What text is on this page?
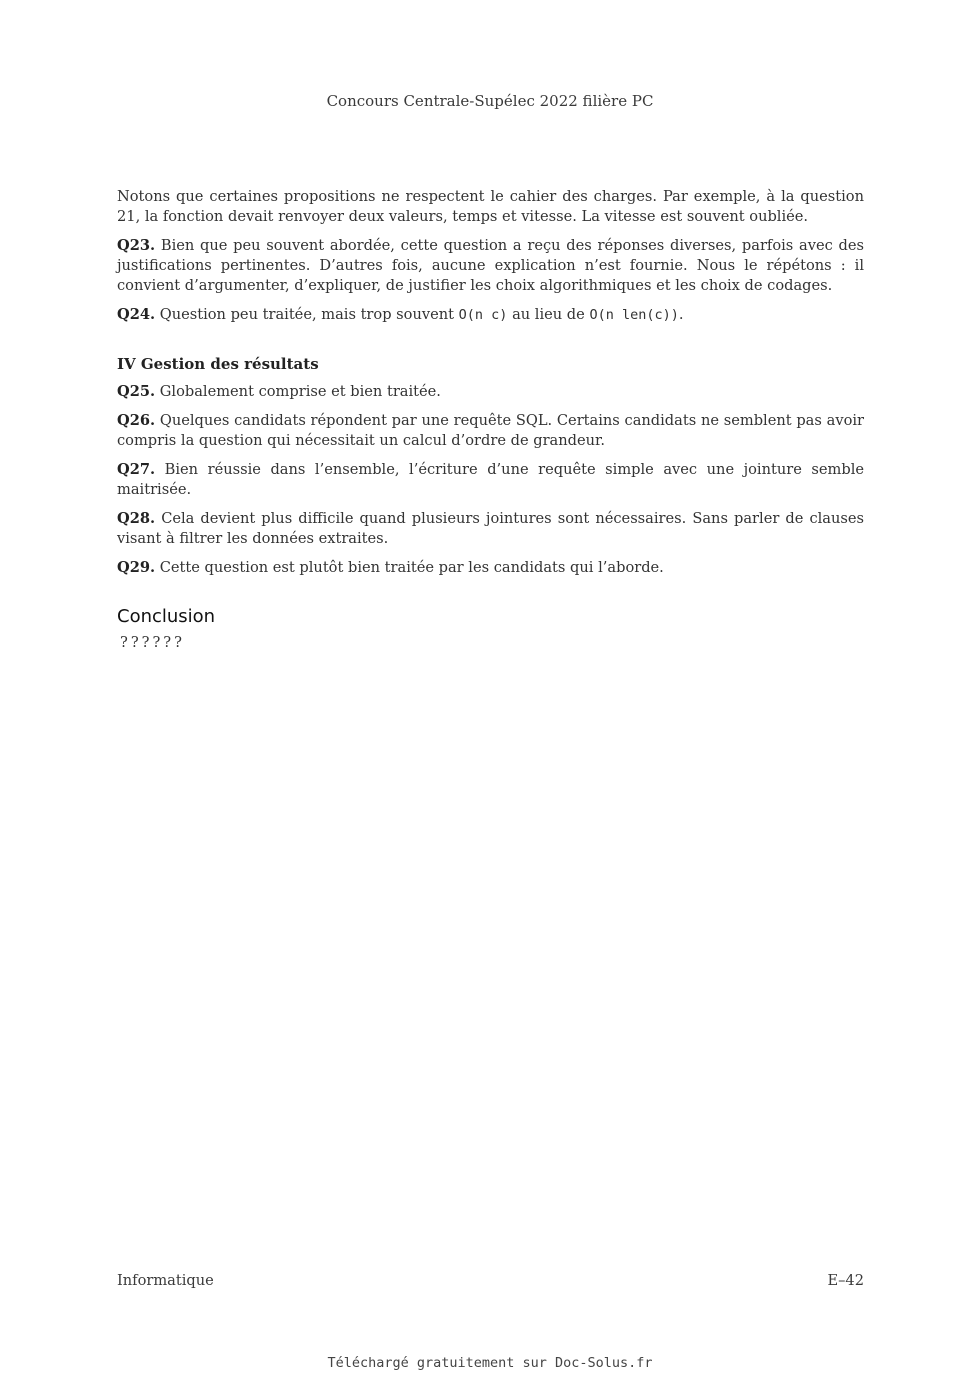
Concours Centrale-Supélec 2022 filière PC

Notons que certaines propositions ne respectent le cahier des charges. Par exemple, à la question 21, la fonction devait renvoyer deux valeurs, temps et vitesse. La vitesse est souvent oubliée.

Q23. Bien que peu souvent abordée, cette question a reçu des réponses diverses, parfois avec des justifications pertinentes. D’autres fois, aucune explication n’est fournie. Nous le répétons : il convient d’argumenter, d’expliquer, de justifier les choix algorithmiques et les choix de codages.

Q24. Question peu traitée, mais trop souvent O(n c) au lieu de O(n len(c)).

IV Gestion des résultats

Q25. Globalement comprise et bien traitée.

Q26. Quelques candidats répondent par une requête SQL. Certains candidats ne semblent pas avoir compris la question qui nécessitait un calcul d’ordre de grandeur.

Q27. Bien réussie dans l’ensemble, l’écriture d’une requête simple avec une jointure semble maitrisée.

Q28. Cela devient plus difficile quand plusieurs jointures sont nécessaires. Sans parler de clauses visant à filtrer les données extraites.

Q29. Cette question est plutôt bien traitée par les candidats qui l’aborde.

Conclusion
??????
Informatique	E–42
Téléchargé gratuitement sur Doc-Solus.fr
